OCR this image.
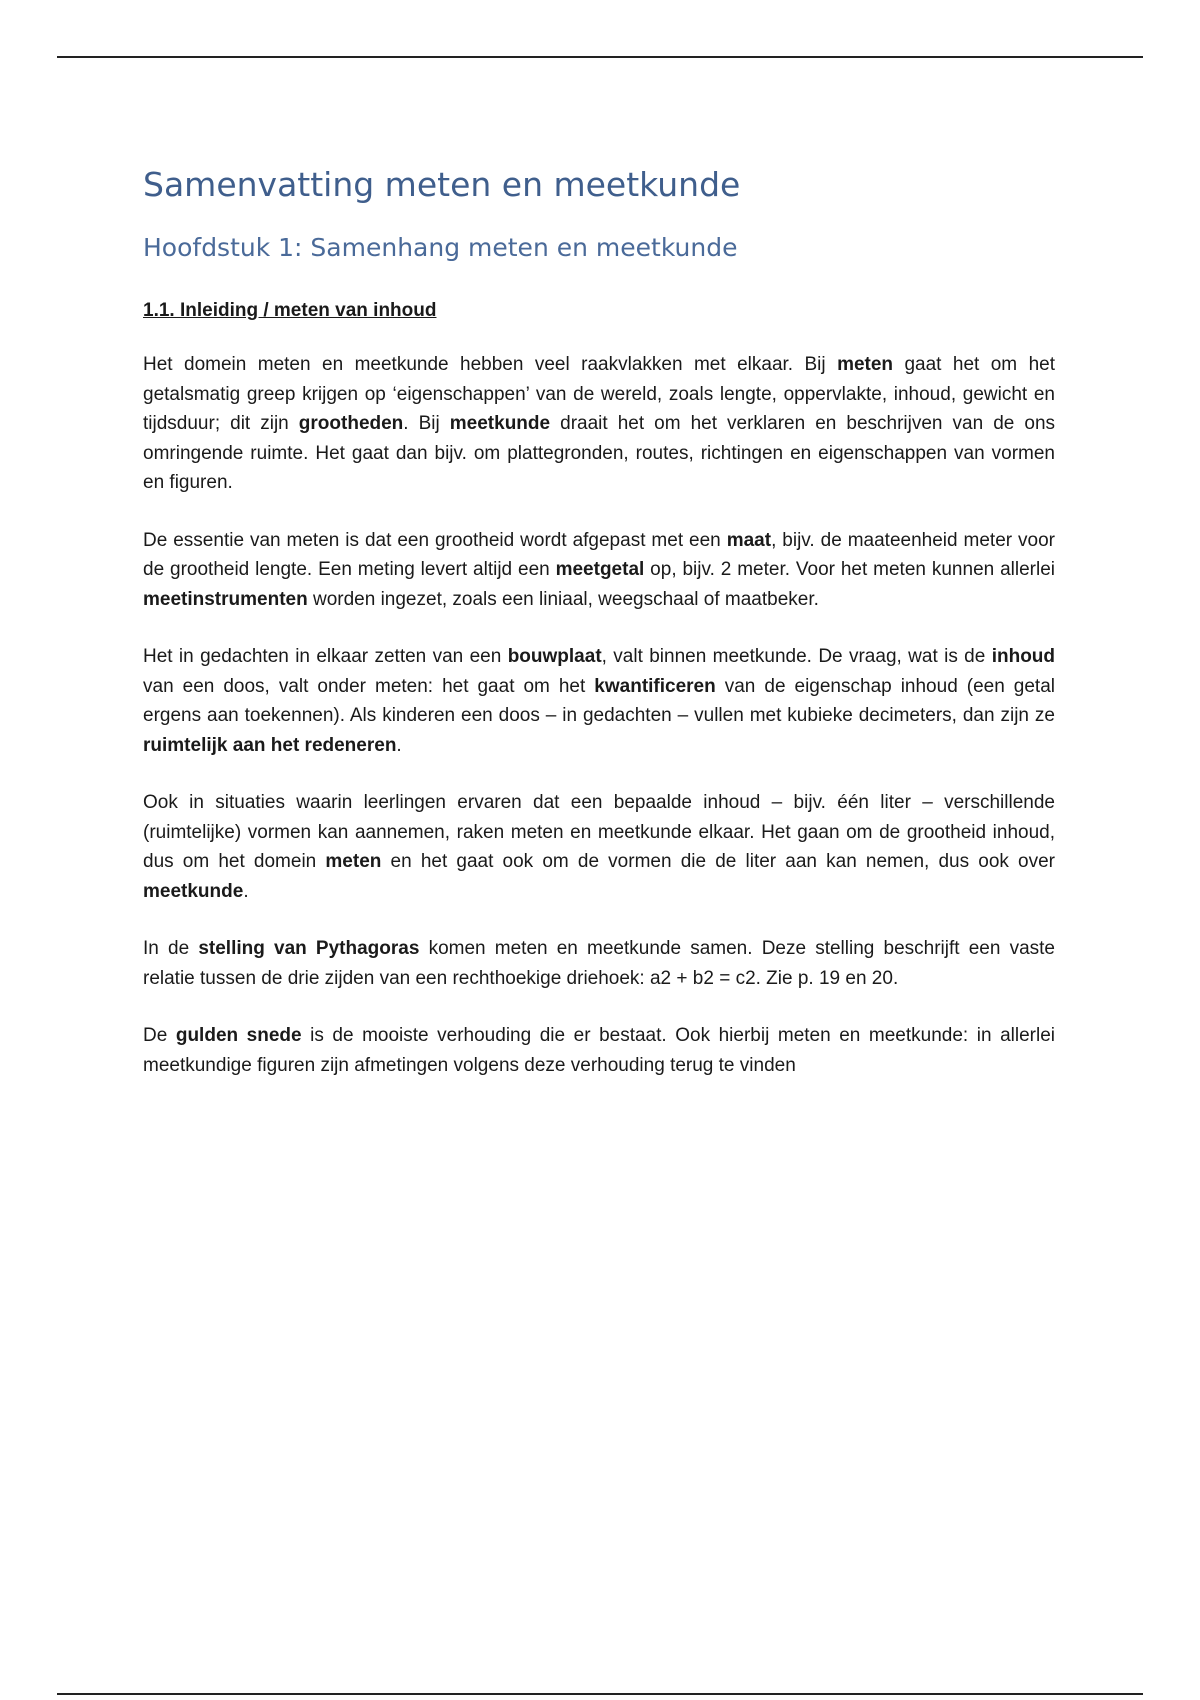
Samenvatting meten en meetkunde
Hoofdstuk 1: Samenhang meten en meetkunde
1.1. Inleiding / meten van inhoud

Het domein meten en meetkunde hebben veel raakvlakken met elkaar. Bij meten gaat het om het getalsmatig greep krijgen op ‘eigenschappen’ van de wereld, zoals lengte, oppervlakte, inhoud, gewicht en tijdsduur; dit zijn grootheden. Bij meetkunde draait het om het verklaren en beschrijven van de ons omringende ruimte. Het gaat dan bijv. om plattegronden, routes, richtingen en eigenschappen van vormen en figuren.

De essentie van meten is dat een grootheid wordt afgepast met een maat, bijv. de maateenheid meter voor de grootheid lengte. Een meting levert altijd een meetgetal op, bijv. 2 meter. Voor het meten kunnen allerlei meetinstrumenten worden ingezet, zoals een liniaal, weegschaal of maatbeker.

Het in gedachten in elkaar zetten van een bouwplaat, valt binnen meetkunde. De vraag, wat is de inhoud van een doos, valt onder meten: het gaat om het kwantificeren van de eigenschap inhoud (een getal ergens aan toekennen). Als kinderen een doos – in gedachten – vullen met kubieke decimeters, dan zijn ze ruimtelijk aan het redeneren.

Ook in situaties waarin leerlingen ervaren dat een bepaalde inhoud – bijv. één liter – verschillende (ruimtelijke) vormen kan aannemen, raken meten en meetkunde elkaar. Het gaan om de grootheid inhoud, dus om het domein meten en het gaat ook om de vormen die de liter aan kan nemen, dus ook over meetkunde.

In de stelling van Pythagoras komen meten en meetkunde samen. Deze stelling beschrijft een vaste relatie tussen de drie zijden van een rechthoekige driehoek: a2 + b2 = c2. Zie p. 19 en 20.

De gulden snede is de mooiste verhouding die er bestaat. Ook hierbij meten en meetkunde: in allerlei meetkundige figuren zijn afmetingen volgens deze verhouding terug te vinden
